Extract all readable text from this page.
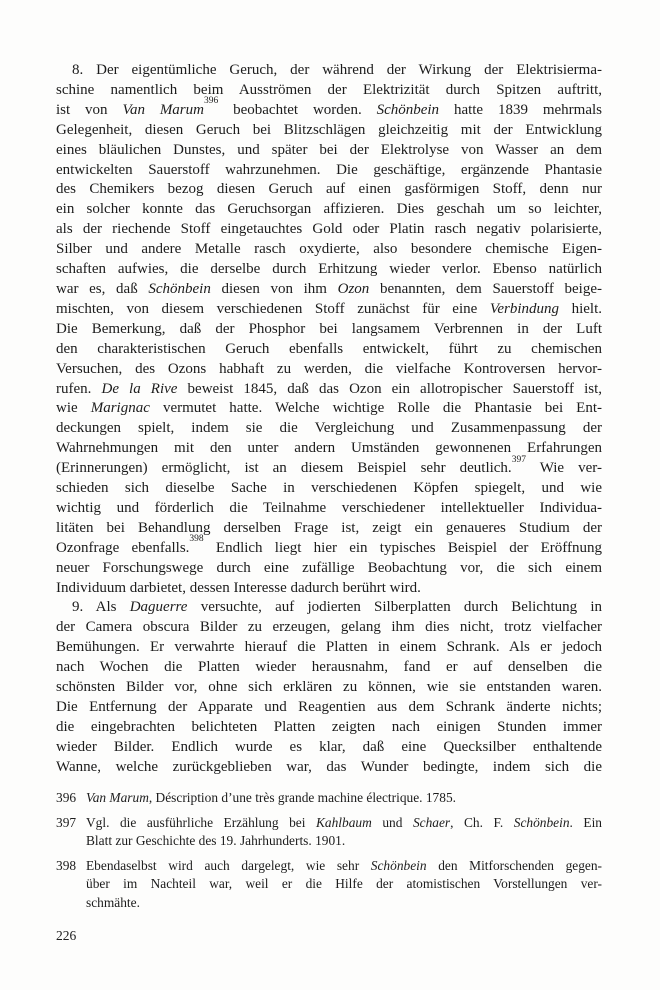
8. Der eigentümliche Geruch, der während der Wirkung der Elektrisierma-
schine namentlich beim Ausströmen der Elektrizität durch Spitzen auftritt,
ist von Van Marum$^{396}$ beobachtet worden. Schönbein hatte 1839 mehrmals
Gelegenheit, diesen Geruch bei Blitzschlägen gleichzeitig mit der Entwicklung
eines bläulichen Dunstes, und später bei der Elektrolyse von Wasser an dem
entwickelten Sauerstoff wahrzunehmen. Die geschäftige, ergänzende Phantasie
des Chemikers bezog diesen Geruch auf einen gasförmigen Stoff, denn nur
ein solcher konnte das Geruchsorgan affizieren. Dies geschah um so leichter,
als der riechende Stoff eingetauchtes Gold oder Platin rasch negativ polarisierte,
Silber und andere Metalle rasch oxydierte, also besondere chemische Eigen-
schaften aufwies, die derselbe durch Erhitzung wieder verlor. Ebenso natürlich
war es, daß Schönbein diesen von ihm Ozon benannten, dem Sauerstoff beige-
mischten, von diesem verschiedenen Stoff zunächst für eine Verbindung hielt.
Die Bemerkung, daß der Phosphor bei langsamem Verbrennen in der Luft
den charakteristischen Geruch ebenfalls entwickelt, führt zu chemischen
Versuchen, des Ozons habhaft zu werden, die vielfache Kontroversen hervor-
rufen. De la Rive beweist 1845, daß das Ozon ein allotropischer Sauerstoff ist,
wie Marignac vermutet hatte. Welche wichtige Rolle die Phantasie bei Ent-
deckungen spielt, indem sie die Vergleichung und Zusammenpassung der
Wahrnehmungen mit den unter andern Umständen gewonnenen Erfahrungen
(Erinnerungen) ermöglicht, ist an diesem Beispiel sehr deutlich.$^{397}$ Wie ver-
schieden sich dieselbe Sache in verschiedenen Köpfen spiegelt, und wie
wichtig und förderlich die Teilnahme verschiedener intellektueller Individua-
litäten bei Behandlung derselben Frage ist, zeigt ein genaueres Studium der
Ozonfrage ebenfalls.$^{398}$ Endlich liegt hier ein typisches Beispiel der Eröffnung
neuer Forschungswege durch eine zufällige Beobachtung vor, die sich einem
Individuum darbietet, dessen Interesse dadurch berührt wird.
9. Als Daguerre versuchte, auf jodierten Silberplatten durch Belichtung in
der Camera obscura Bilder zu erzeugen, gelang ihm dies nicht, trotz vielfacher
Bemühungen. Er verwahrte hierauf die Platten in einem Schrank. Als er jedoch
nach Wochen die Platten wieder herausnahm, fand er auf denselben die
schönsten Bilder vor, ohne sich erklären zu können, wie sie entstanden waren.
Die Entfernung der Apparate und Reagentien aus dem Schrank änderte nichts;
die eingebrachten belichteten Platten zeigten nach einigen Stunden immer
wieder Bilder. Endlich wurde es klar, daß eine Quecksilber enthaltende
Wanne, welche zurückgeblieben war, das Wunder bedingte, indem sich die
396 Van Marum, Déscription d’une très grande machine électrique. 1785.
397 Vgl. die ausführliche Erzählung bei Kahlbaum und Schaer, Ch. F. Schönbein. Ein
Blatt zur Geschichte des 19. Jahrhunderts. 1901.
398 Ebendaselbst wird auch dargelegt, wie sehr Schönbein den Mitforschenden gegen-
über im Nachteil war, weil er die Hilfe der atomistischen Vorstellungen ver-
schmähte.
226
